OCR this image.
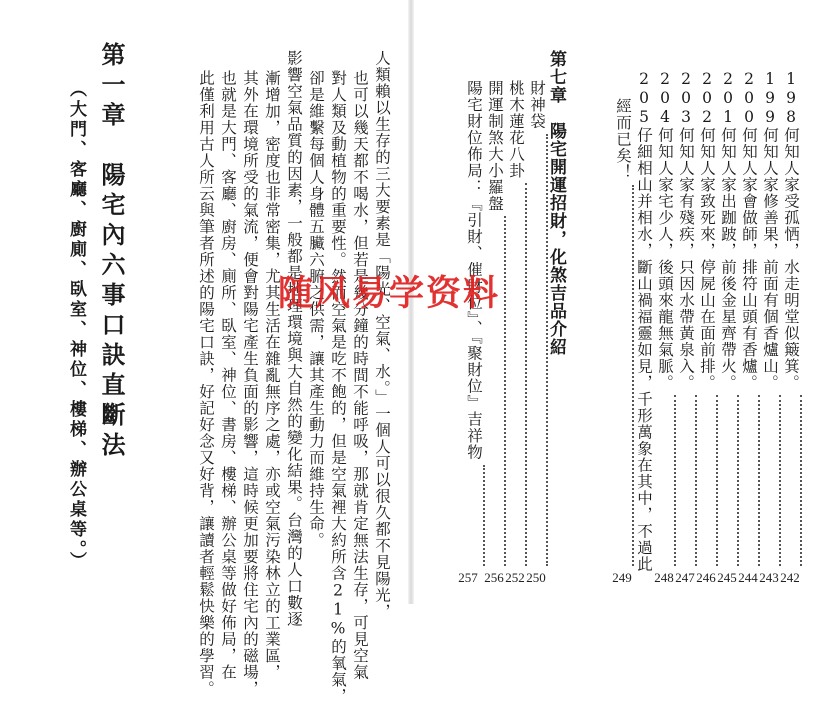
人類賴以生存的三大要素是「陽光、空氣、水。」一個人可以很久都不見陽光，
也可以幾天都不喝水，但若是幾分鐘的時間不能呼吸，那就肯定無法生存，可見空氣
對人類及動植物的重要性。然而空氣是吃不飽的，但是空氣裡大約所含21%的氧氣，
卻是維繫每個人身體五臟六腑之供需，讓其產生動力而維持生命。
影響空氣品質的因素，一般都是地理環境與大自然的變化結果。台灣的人口數逐
漸增加，密度也非常密集，尤其生活在雜亂無序之處，亦或空氣污染林立的工業區，
其外在環境所受的氣流，便會對陽宅產生負面的影響，這時候更加要將住宅內的磁場，
也就是大門、客廳、廚房、廁所、臥室、神位、書房、樓梯、辦公桌等做好佈局，在
此僅利用古人所云與筆者所述的陽宅口訣，好記好念又好背，讓讀者輕鬆快樂的學習。
第一章　陽宅內六事口訣直斷法
（大門、客廳、廚廁、臥室、神位、樓梯、辦公桌等。）	198
何知人家受孤恓，水走明堂似簸箕。
199
何知人家修善果，前面有個香爐山。
200
何知人家會做師，排符山頭有香爐。
201
何知人家出跏跛，前後金星齊帶火。
202
何知人家致死來，停屍山在面前排。
203
何知人家有殘疾，只因水帶黃泉入。
204
何知人家宅少人，後頭來龍無氣脈。
205
仔細相山并相水，斷山禍福靈如見，千形萬象在其中，不過此
經而已矣！
第七章　陽宅開運招財，化煞吉品介紹
財神袋
桃木蓮花八卦
開運制煞大小羅盤
陽宅財位佈局：『引財、催財位』、『聚財位』吉祥物
242
243
244
245
246
247
248
249
250
252
256
257
随风易学资料
